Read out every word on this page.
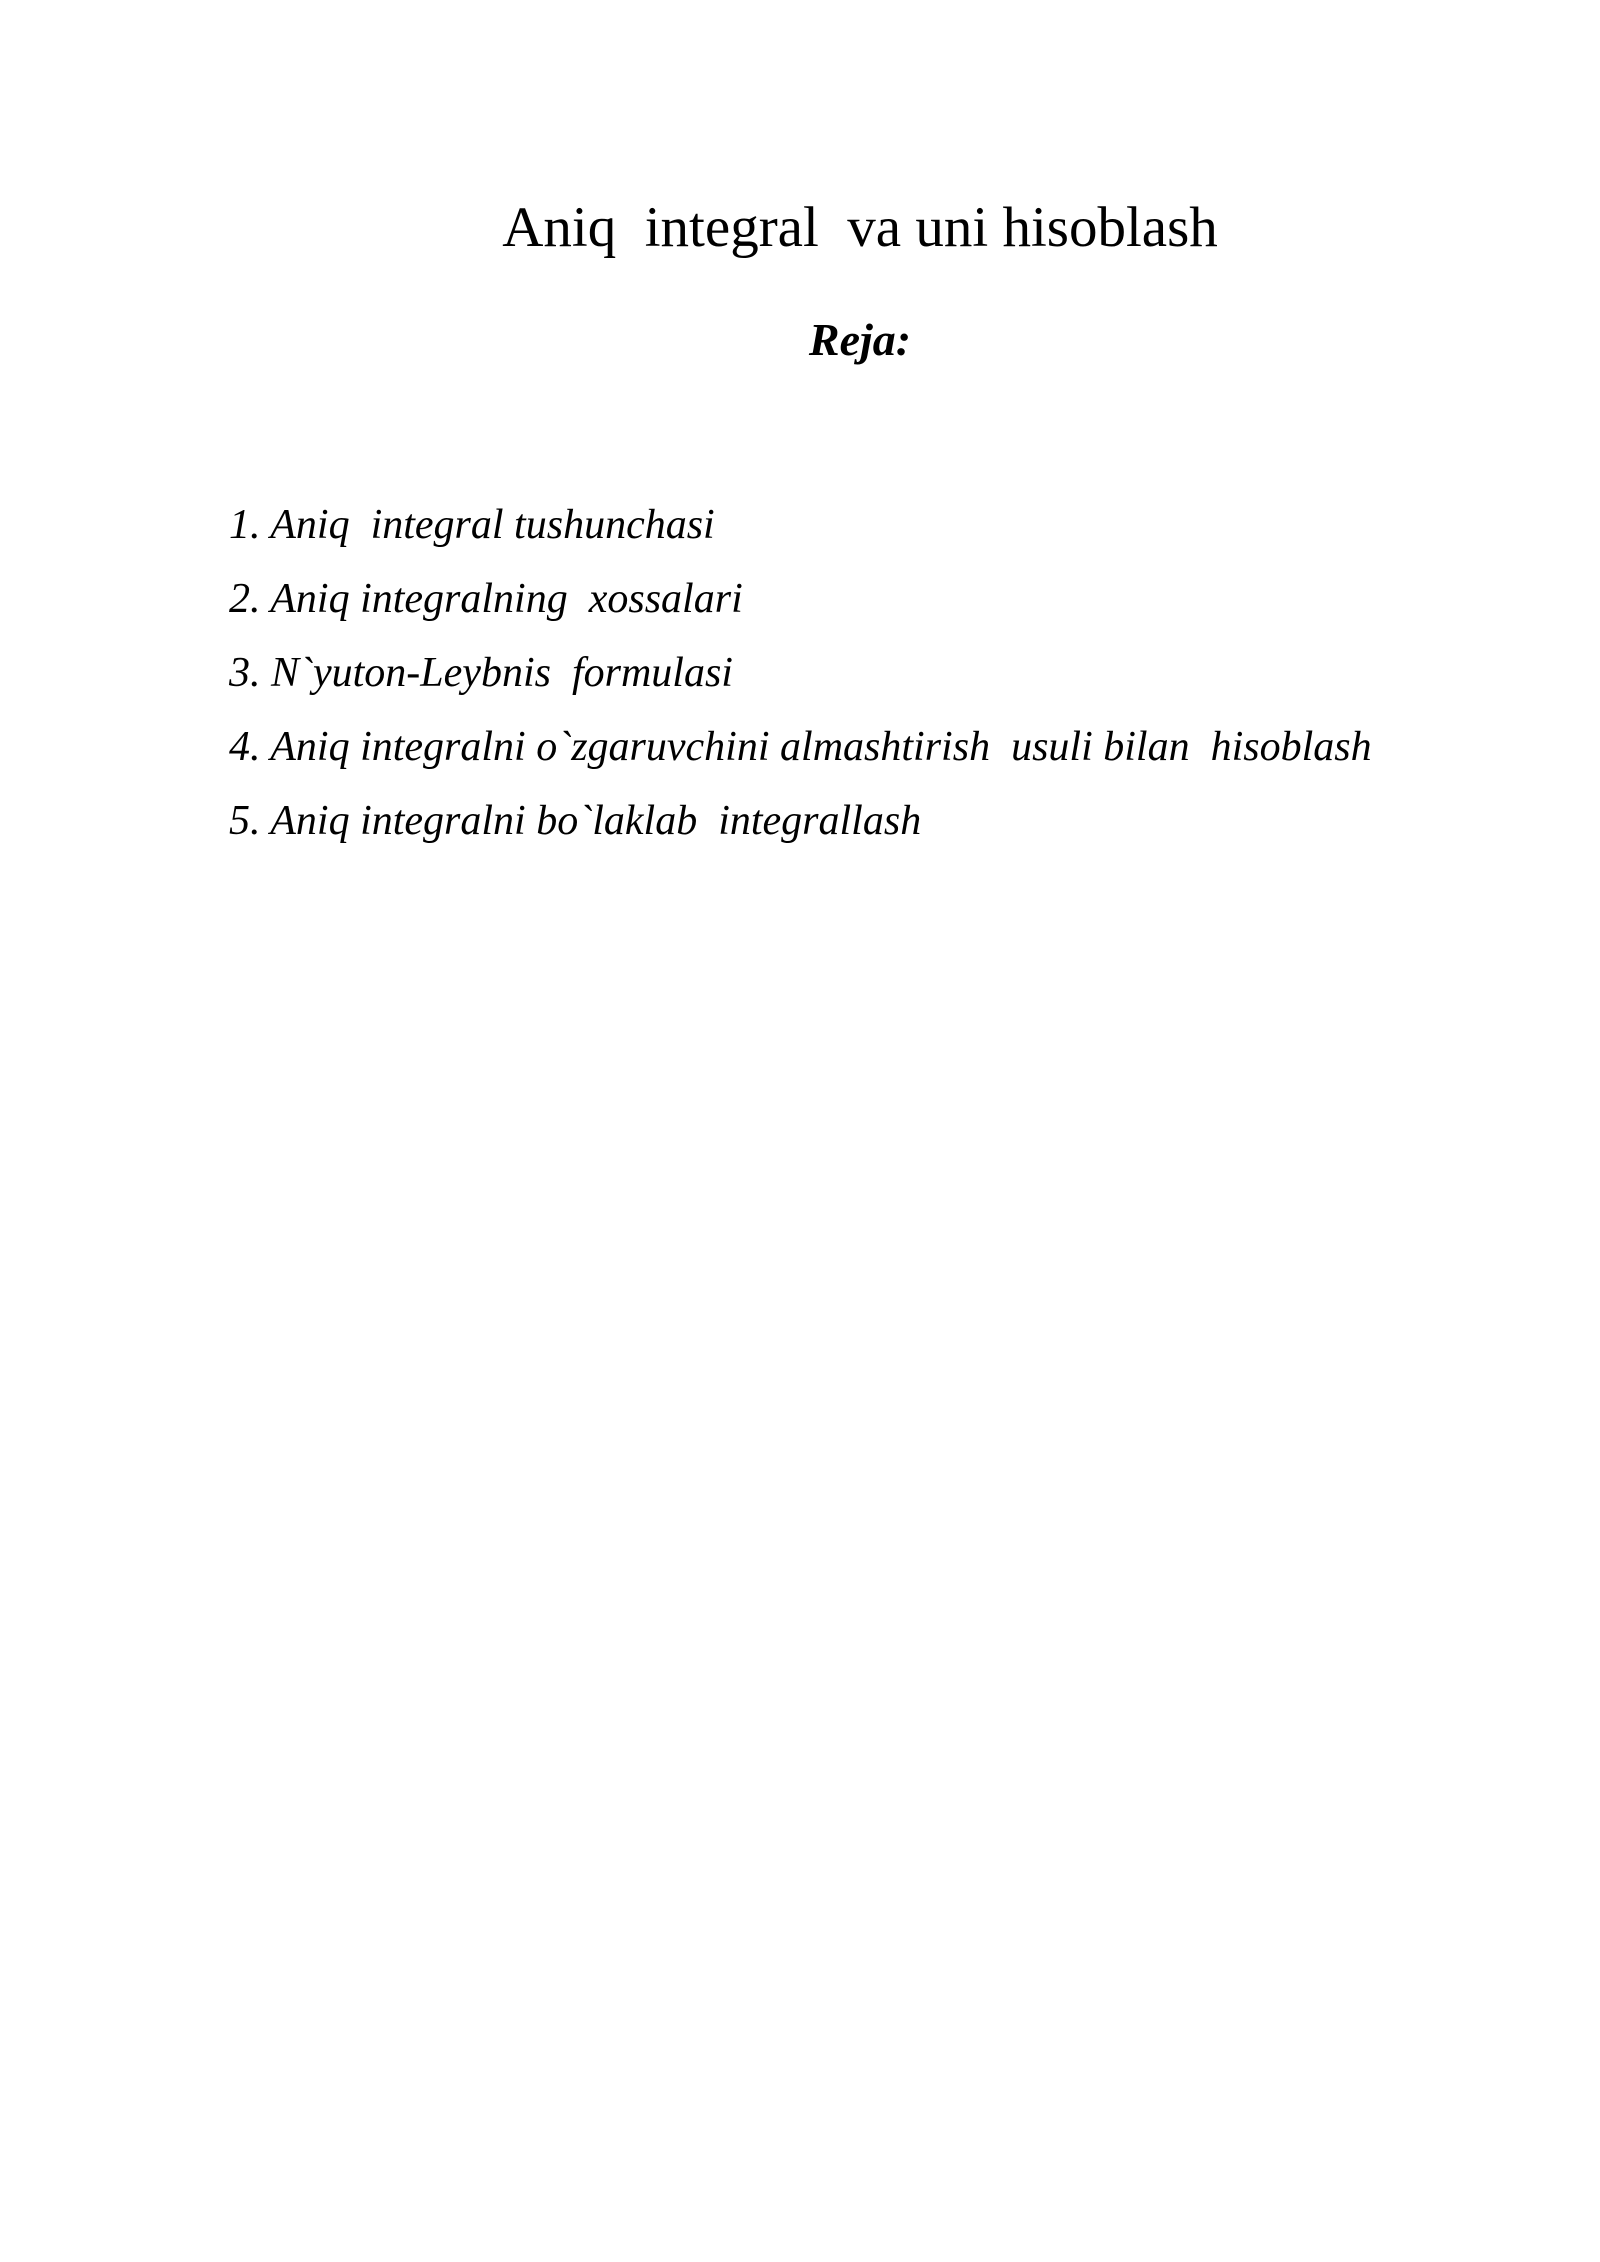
Aniq  integral  va uni hisoblash
Reja:
1. Aniq  integral tushunchasi
2. Aniq integralning  xossalari
3. N`yuton-Leybnis  formulasi
4. Aniq integralni o`zgaruvchini almashtirish  usuli bilan  hisoblash
5. Aniq integralni bo`laklab  integrallash
